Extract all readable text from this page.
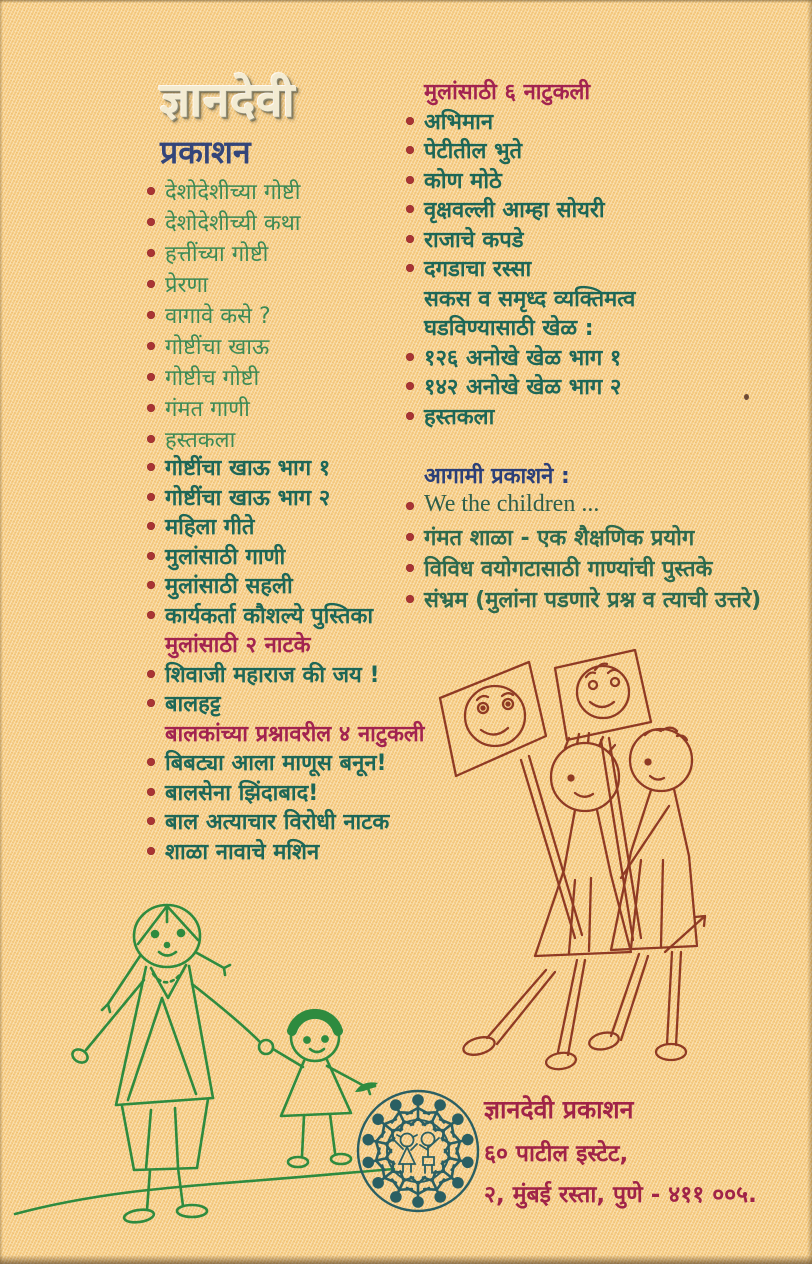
ज्ञानदेवी
प्रकाशन
देशोदेशीच्या गोष्टी
देशोदेशीच्यी कथा
हत्तींच्या गोष्टी
प्रेरणा
वागावे कसे ?
गोष्टींचा खाऊ
गोष्टीच गोष्टी
गंमत गाणी
हस्तकला
गोष्टींचा खाऊ भाग १
गोष्टींचा खाऊ भाग २
महिला गीते
मुलांसाठी गाणी
मुलांसाठी सहली
कार्यकर्ता कौशल्ये पुस्तिका
मुलांसाठी २ नाटके
शिवाजी महाराज की जय !
बालहट्ट
बालकांच्या प्रश्नावरील ४ नाटुकली
बिबट्या आला माणूस बनून!
बालसेना झिंदाबाद!
बाल अत्याचार विरोधी नाटक
शाळा नावाचे मशिन
मुलांसाठी ६ नाटुकली
अभिमान
पेटीतील भुते
कोण मोठे
वृक्षवल्ली आम्हा सोयरी
राजाचे कपडे
दगडाचा रस्सा
सकस व समृध्द व्यक्तिमत्व
घडविण्यासाठी खेळ :
१२६ अनोखे खेळ भाग १
१४२ अनोखे खेळ भाग २
हस्तकला
आगामी प्रकाशने :
We the children ...
गंमत शाळा - एक शैक्षणिक प्रयोग
विविध वयोगटासाठी गाण्यांची पुस्तके
संभ्रम (मुलांना पडणारे प्रश्न व त्याची उत्तरे)
ज्ञानदेवी प्रकाशन
६० पाटील इस्टेट,
२, मुंबई रस्ता, पुणे - ४११ ००५.
